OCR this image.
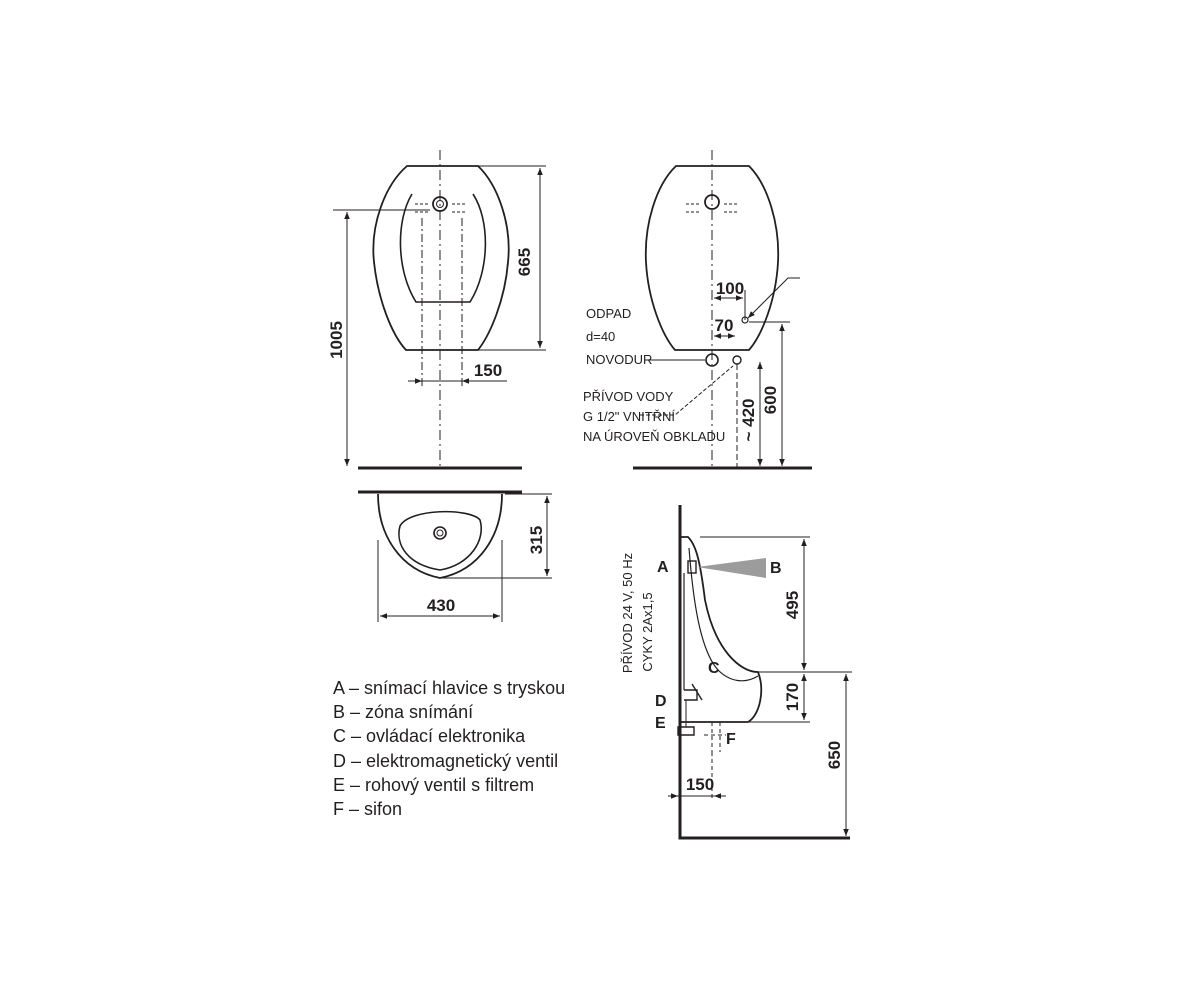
1005
665
150
100
70
600
~ 420
ODPAD
d=40
NOVODUR
PŘÍVOD VODY
G 1/2" VNITŘNÍ
NA ÚROVEŇ OBKLADU
315
430	495
170
650
150
PŘÍVOD 24 V, 50 Hz CYKY 2Ax1,5
A	B
C
D
E
F
A – snímací hlavice s tryskou
B – zóna snímání
C – ovládací elektronika
D – elektromagnetický ventil
E – rohový ventil s filtrem
F – sifon
